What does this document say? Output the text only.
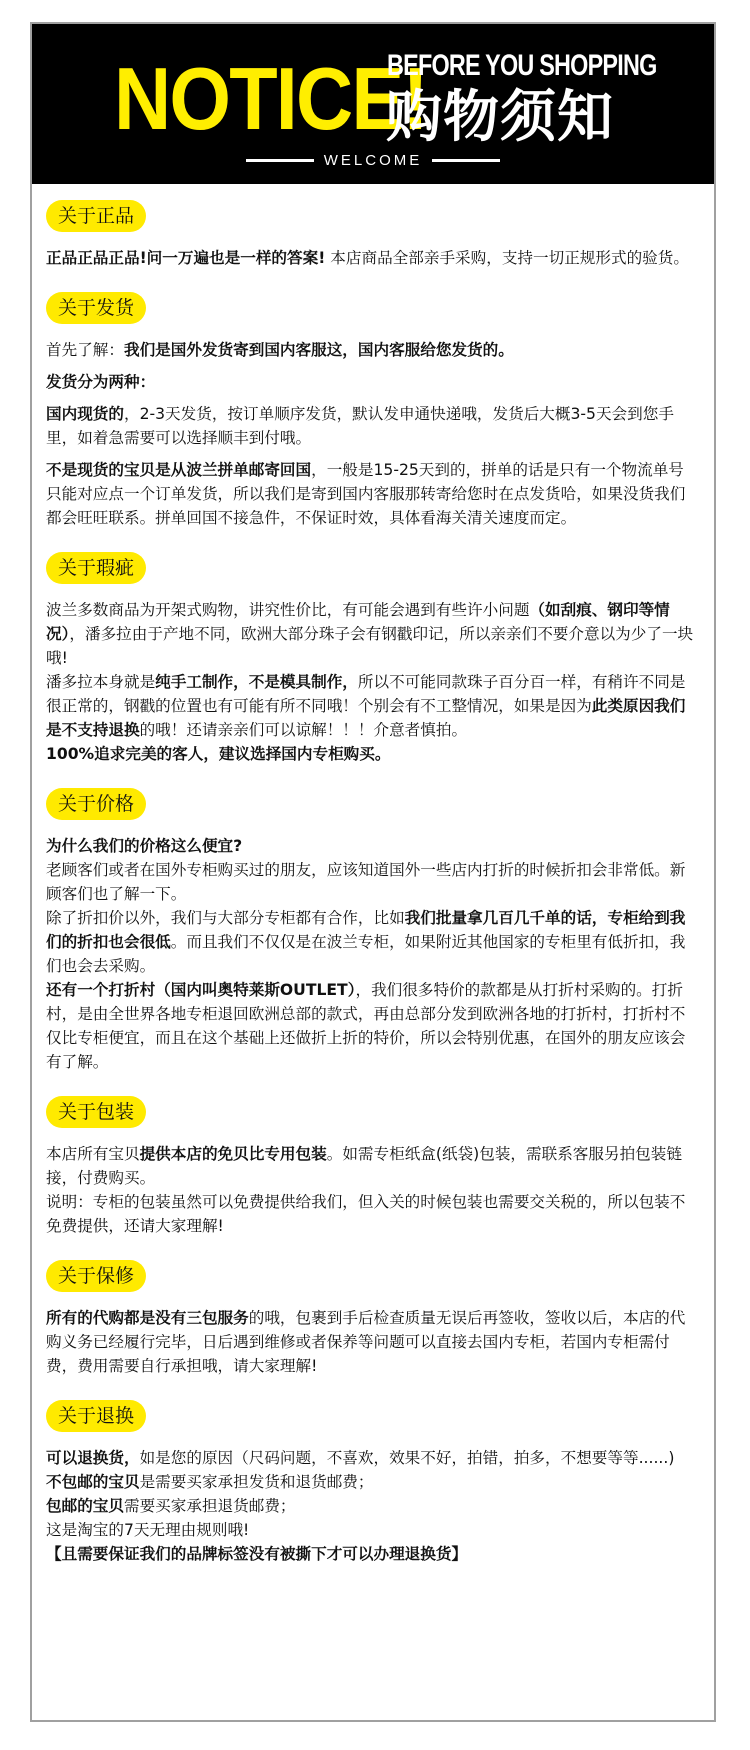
NOTICE!
BEFORE YOU SHOPPING
购物须知
WELCOME
关于正品

正品正品正品!问一万遍也是一样的答案! 本店商品全部亲手采购，支持一切正规形式的验货。

关于发货

首先了解：我们是国外发货寄到国内客服这，国内客服给您发货的。

发货分为两种：

国内现货的，2-3天发货，按订单顺序发货，默认发申通快递哦，发货后大概3-5天会到您手里，如着急需要可以选择顺丰到付哦。

不是现货的宝贝是从波兰拼单邮寄回国，一般是15-25天到的，拼单的话是只有一个物流单号只能对应点一个订单发货，所以我们是寄到国内客服那转寄给您时在点发货哈，如果没货我们都会旺旺联系。拼单回国不接急件，不保证时效，具体看海关清关速度而定。

关于瑕疵

波兰多数商品为开架式购物，讲究性价比，有可能会遇到有些许小问题（如刮痕、钢印等情况），潘多拉由于产地不同，欧洲大部分珠子会有钢戳印记，所以亲亲们不要介意以为少了一块哦!

潘多拉本身就是纯手工制作，不是模具制作，所以不可能同款珠子百分百一样，有稍许不同是很正常的，钢戳的位置也有可能有所不同哦！个别会有不工整情况，如果是因为此类原因我们是不支持退换的哦！还请亲亲们可以谅解！！！介意者慎拍。

100%追求完美的客人，建议选择国内专柜购买。

关于价格

为什么我们的价格这么便宜?

老顾客们或者在国外专柜购买过的朋友，应该知道国外一些店内打折的时候折扣会非常低。新顾客们也了解一下。

除了折扣价以外，我们与大部分专柜都有合作，比如我们批量拿几百几千单的话，专柜给到我们的折扣也会很低。而且我们不仅仅是在波兰专柜，如果附近其他国家的专柜里有低折扣，我们也会去采购。

还有一个打折村（国内叫奥特莱斯OUTLET），我们很多特价的款都是从打折村采购的。打折村，是由全世界各地专柜退回欧洲总部的款式，再由总部分发到欧洲各地的打折村，打折村不仅比专柜便宜，而且在这个基础上还做折上折的特价，所以会特别优惠，在国外的朋友应该会有了解。

关于包装

本店所有宝贝提供本店的免贝比专用包装。如需专柜纸盒(纸袋)包装，需联系客服另拍包装链接，付费购买。

说明：专柜的包装虽然可以免费提供给我们，但入关的时候包装也需要交关税的，所以包装不免费提供，还请大家理解!

关于保修

所有的代购都是没有三包服务的哦，包裹到手后检查质量无误后再签收，签收以后，本店的代购义务已经履行完毕，日后遇到维修或者保养等问题可以直接去国内专柜，若国内专柜需付费，费用需要自行承担哦，请大家理解!

关于退换

可以退换货，如是您的原因（尺码问题，不喜欢，效果不好，拍错，拍多，不想要等等......)

不包邮的宝贝是需要买家承担发货和退货邮费；

包邮的宝贝需要买家承担退货邮费；

这是淘宝的7天无理由规则哦!

【且需要保证我们的品牌标签没有被撕下才可以办理退换货】
